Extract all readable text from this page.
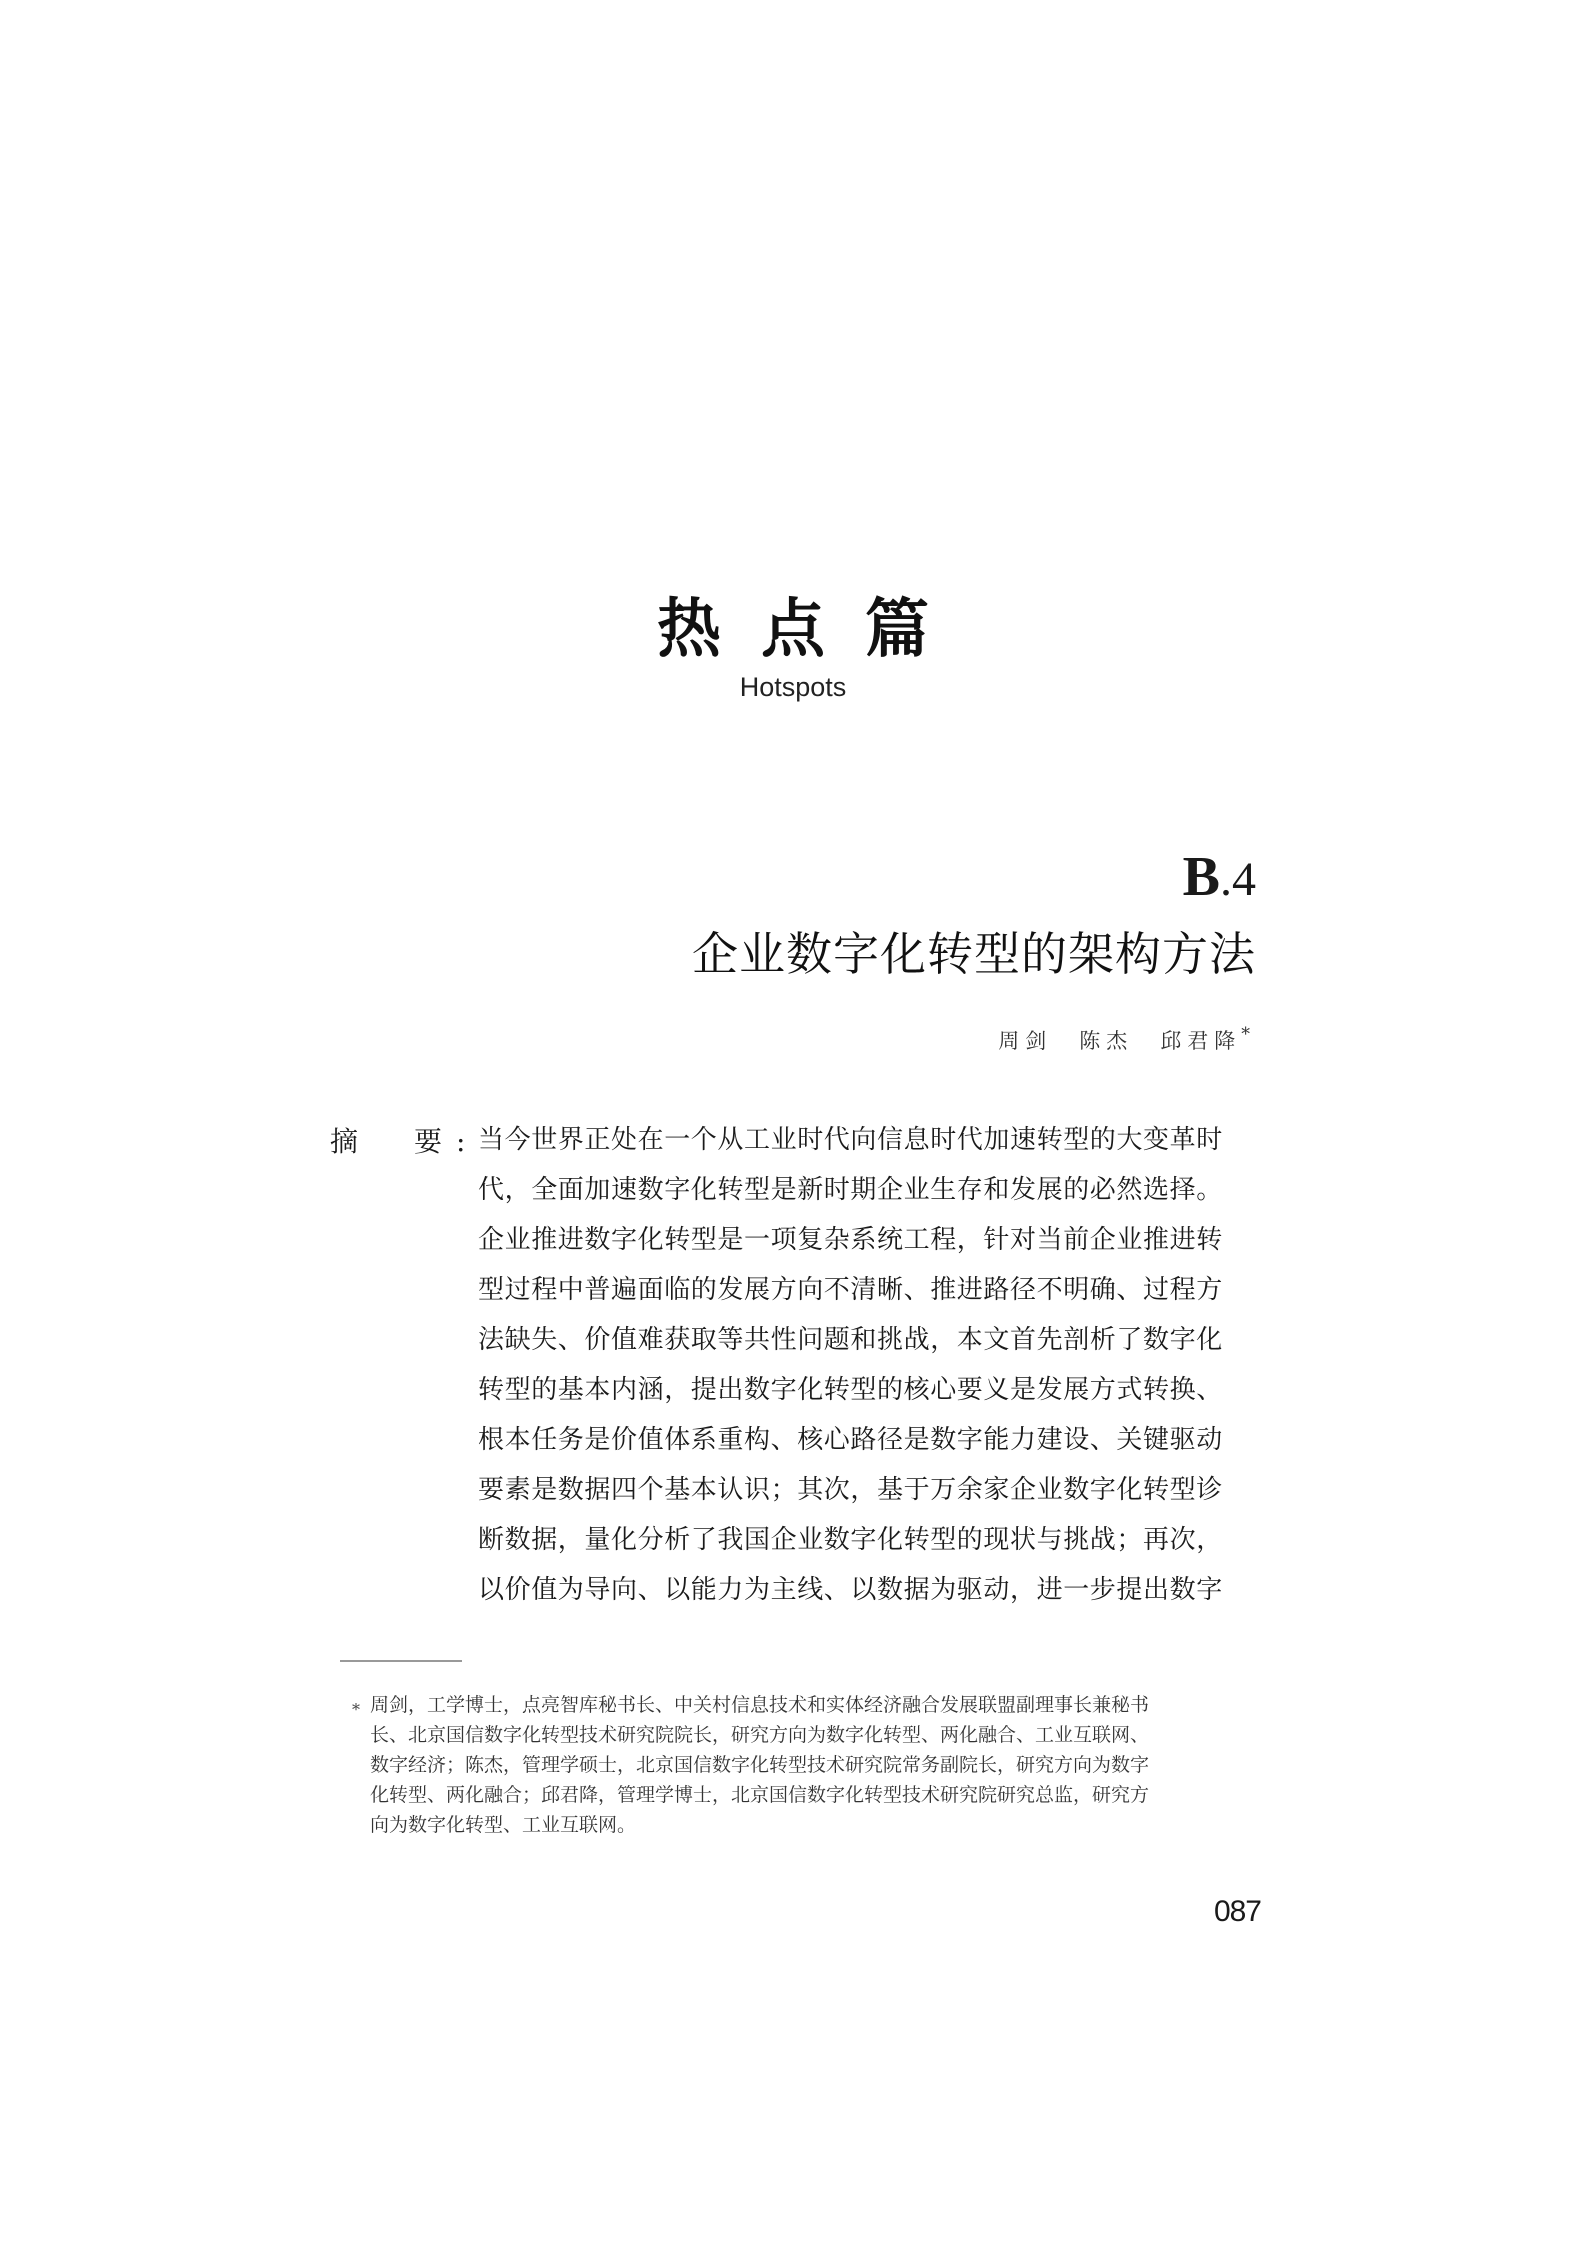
热点篇
Hotspots
B.4
企业数字化转型的架构方法
周剑　陈杰　邱君降*
摘　要:
当今世界正处在一个从工业时代向信息时代加速转型的大变革时
代，全面加速数字化转型是新时期企业生存和发展的必然选择。
企业推进数字化转型是一项复杂系统工程，针对当前企业推进转
型过程中普遍面临的发展方向不清晰、推进路径不明确、过程方
法缺失、价值难获取等共性问题和挑战，本文首先剖析了数字化
转型的基本内涵，提出数字化转型的核心要义是发展方式转换、
根本任务是价值体系重构、核心路径是数字能力建设、关键驱动
要素是数据四个基本认识；其次，基于万余家企业数字化转型诊
断数据，量化分析了我国企业数字化转型的现状与挑战；再次，
以价值为导向、以能力为主线、以数据为驱动，进一步提出数字
* 周剑，工学博士，点亮智库秘书长、中关村信息技术和实体经济融合发展联盟副理事长兼秘书
长、北京国信数字化转型技术研究院院长，研究方向为数字化转型、两化融合、工业互联网、
数字经济；陈杰，管理学硕士，北京国信数字化转型技术研究院常务副院长，研究方向为数字
化转型、两化融合；邱君降，管理学博士，北京国信数字化转型技术研究院研究总监，研究方
向为数字化转型、工业互联网。
087
